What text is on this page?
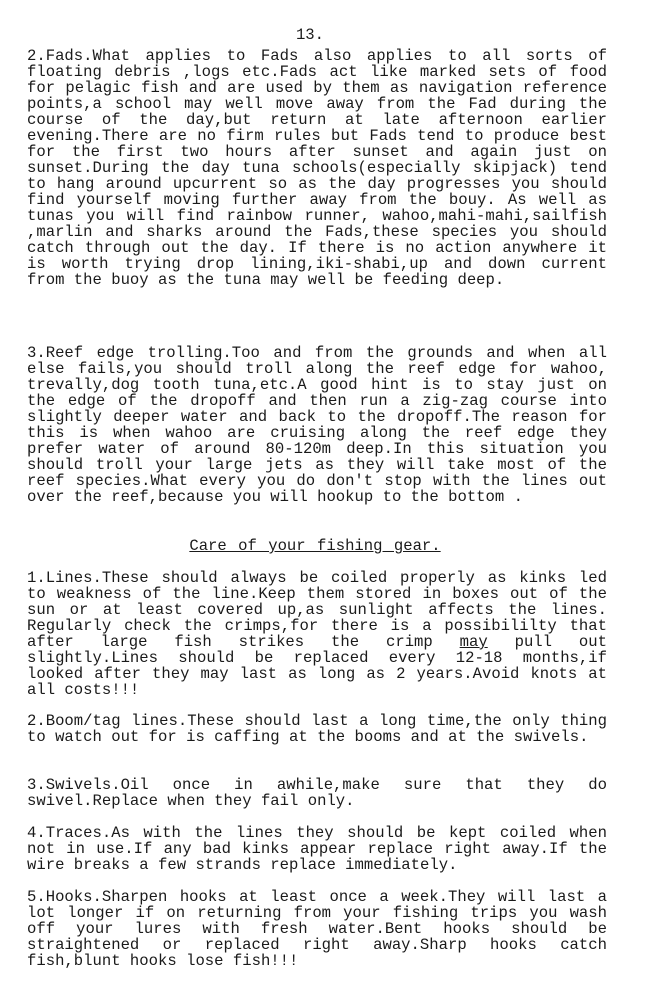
13.

2.Fads.What applies to Fads also applies to all sorts of floating debris ,logs etc.Fads act like marked sets of food for pelagic fish and are used by them as navigation reference points,a school may well move away from the Fad during the course of the day,but return at late afternoon earlier evening.There are no firm rules but Fads tend to produce best for the first two hours after sunset and again just on sunset.During the day tuna schools(especially skipjack) tend to hang around upcurrent so as the day progresses you should find yourself moving further away from the bouy. As well as tunas you will find rainbow runner, wahoo,mahi-mahi,sailfish ,marlin and sharks around the Fads,these species you should catch through out the day. If there is no action anywhere it is worth trying drop lining,iki-shabi,up and down current from the buoy as the tuna may well be feeding deep.

3.Reef edge trolling.Too and from the grounds and when all else fails,you should troll along the reef edge for wahoo, trevally,dog tooth tuna,etc.A good hint is to stay just on the edge of the dropoff and then run a zig-zag course into slightly deeper water and back to the dropoff.The reason for this is when wahoo are cruising along the reef edge they prefer water of around 80-120m deep.In this situation you should troll your large jets as they will take most of the reef species.What every you do don't stop with the lines out over the reef,because you will hookup to the bottom .

Care of your fishing gear.

1.Lines.These should always be coiled properly as kinks led to weakness of the line.Keep them stored in boxes out of the sun or at least covered up,as sunlight affects the lines. Regularly check the crimps,for there is a possibililty that after large fish strikes the crimp may pull out slightly.Lines should be replaced every 12-18 months,if looked after they may last as long as 2 years.Avoid knots at all costs!!!

2.Boom/tag lines.These should last a long time,the only thing to watch out for is caffing at the booms and at the swivels.

3.Swivels.Oil once in awhile,make sure that they do swivel.Replace when they fail only.

4.Traces.As with the lines they should be kept coiled when not in use.If any bad kinks appear replace right away.If the wire breaks a few strands replace immediately.

5.Hooks.Sharpen hooks at least once a week.They will last a lot longer if on returning from your fishing trips you wash off your lures with fresh water.Bent hooks should be straightened or replaced right away.Sharp hooks catch fish,blunt hooks lose fish!!!
